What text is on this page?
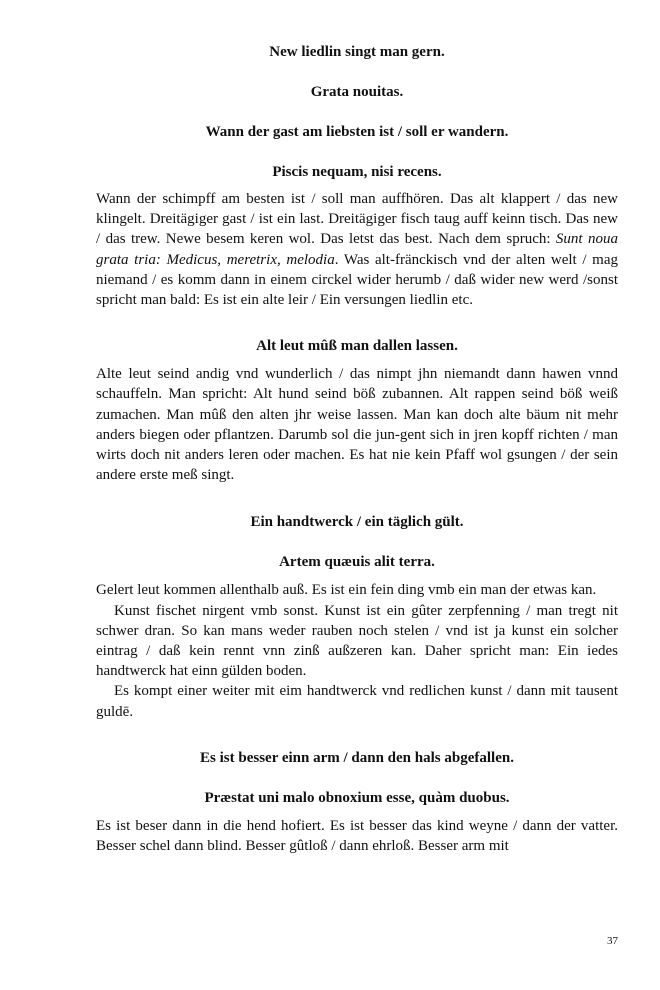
New liedlin singt man gern.

Grata nouitas.

Wann der gast am liebsten ist / soll er wandern.

Piscis nequam, nisi recens.

Wann der schimpff am besten ist / soll man auffhören. Das alt klappert / das new klingelt. Dreitägiger gast / ist ein last. Dreitägiger fisch taug auff keinn tisch. Das new / das trew. Newe besem keren wol. Das letst das best. Nach dem spruch: Sunt noua grata tria: Medicus, meretrix, melodia. Was alt-fränckisch vnd der alten welt / mag niemand / es komm dann in einem circkel wider herumb / daß wider new werd /sonst spricht man bald: Es ist ein alte leir / Ein versungen liedlin etc.

Alt leut mûß man dallen lassen.

Alte leut seind andig vnd wunderlich / das nimpt jhn niemandt dann hawen vnnd schauffeln. Man spricht: Alt hund seind böß zubannen. Alt rappen seind böß weiß zumachen. Man mûß den alten jhr weise lassen. Man kan doch alte bäum nit mehr anders biegen oder pflantzen. Darumb sol die jun-gent sich in jren kopff richten / man wirts doch nit anders leren oder machen. Es hat nie kein Pfaff wol gsungen / der sein andere erste meß singt.

Ein handtwerck / ein täglich gült.

Artem quæuis alit terra.

Gelert leut kommen allenthalb auß. Es ist ein fein ding vmb ein man der etwas kan.

Kunst fischet nirgent vmb sonst. Kunst ist ein gûter zerpfenning / man tregt nit schwer dran. So kan mans weder rauben noch stelen / vnd ist ja kunst ein solcher eintrag / daß kein rennt vnn zinß außzeren kan. Daher spricht man: Ein iedes handtwerck hat einn gülden boden.

Es kompt einer weiter mit eim handtwerck vnd redlichen kunst / dann mit tausent guldē.

Es ist besser einn arm / dann den hals abgefallen.

Præstat uni malo obnoxium esse, quàm duobus.

Es ist beser dann in die hend hofiert. Es ist besser das kind weyne / dann der vatter. Besser schel dann blind. Besser gûtloß / dann ehrloß. Besser arm mit

37
